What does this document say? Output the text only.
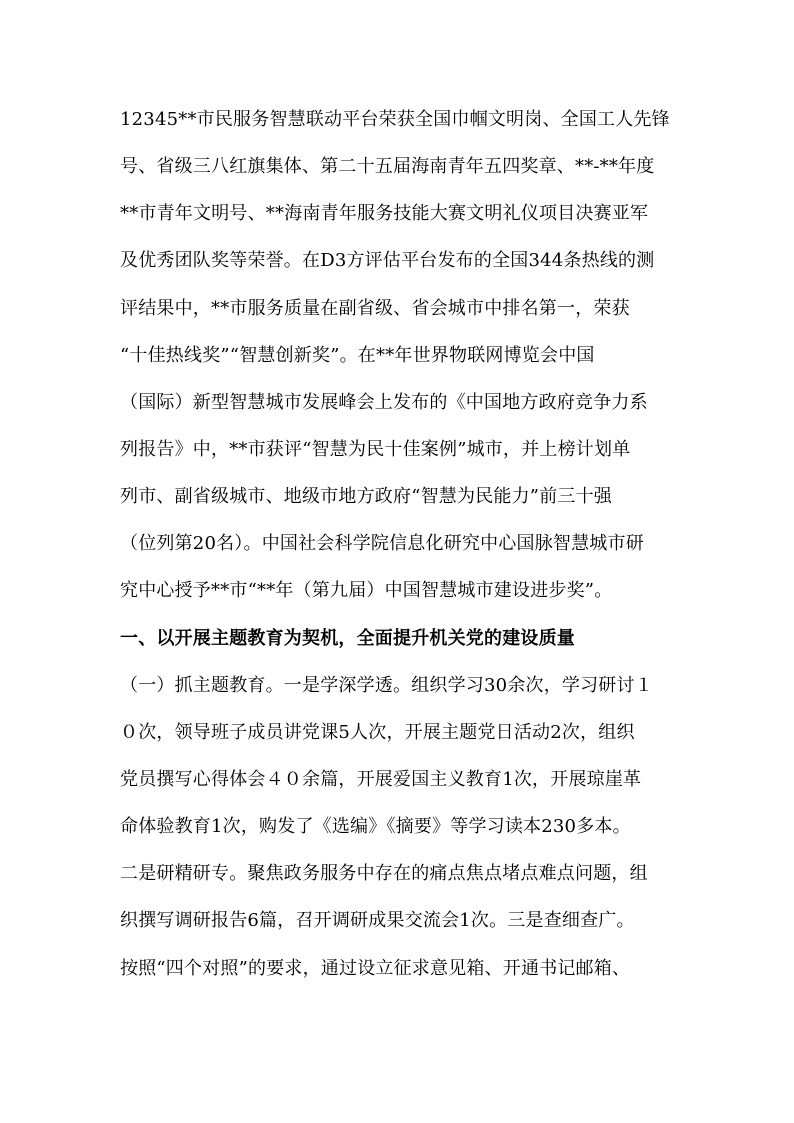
12345**市民服务智慧联动平台荣获全国巾帼文明岗、全国工人先锋
号、省级三八红旗集体、第二十五届海南青年五四奖章、**-**年度
**市青年文明号、**海南青年服务技能大赛文明礼仪项目决赛亚军
及优秀团队奖等荣誉。在D3方评估平台发布的全国344条热线的测
评结果中，**市服务质量在副省级、省会城市中排名第一，荣获
“十佳热线奖”“智慧创新奖”。在**年世界物联网博览会中国
（国际）新型智慧城市发展峰会上发布的《中国地方政府竞争力系
列报告》中，**市获评“智慧为民十佳案例”城市，并上榜计划单
列市、副省级城市、地级市地方政府“智慧为民能力”前三十强
（位列第20名）。中国社会科学院信息化研究中心国脉智慧城市研
究中心授予**市“**年（第九届）中国智慧城市建设进步奖”。
一、以开展主题教育为契机，全面提升机关党的建设质量
（一）抓主题教育。一是学深学透。组织学习30余次，学习研讨１
０次，领导班子成员讲党课5人次，开展主题党日活动2次，组织
党员撰写心得体会４０余篇，开展爱国主义教育1次，开展琼崖革
命体验教育1次，购发了《选编》《摘要》等学习读本230多本。
二是研精研专。聚焦政务服务中存在的痛点焦点堵点难点问题，组
织撰写调研报告6篇，召开调研成果交流会1次。三是查细查广。
按照“四个对照”的要求，通过设立征求意见箱、开通书记邮箱、
